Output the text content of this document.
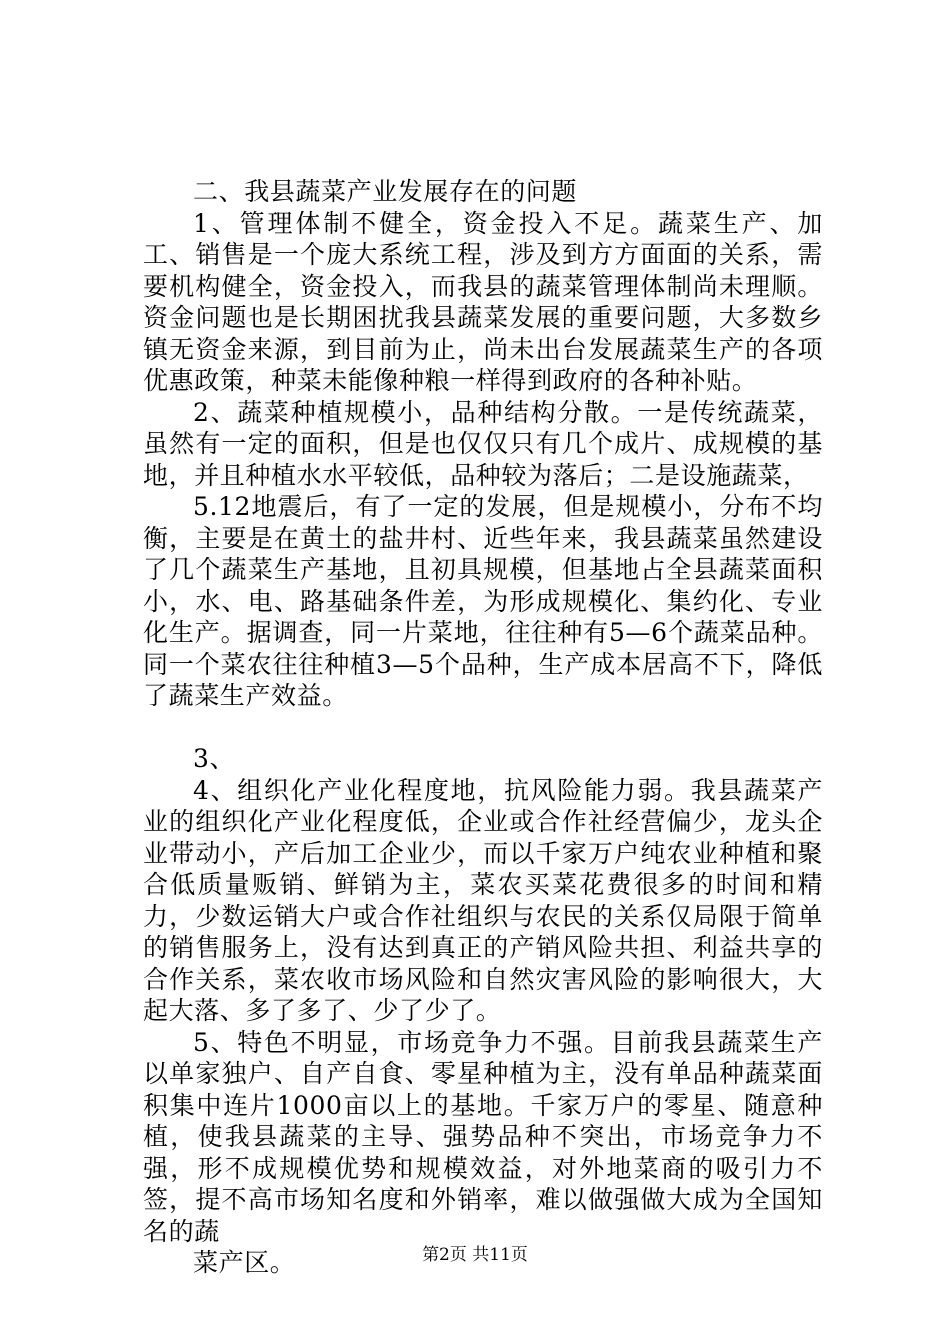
二、我县蔬菜产业发展存在的问题

1、管理体制不健全，资金投入不足。蔬菜生产、加工、销售是一个庞大系统工程，涉及到方方面面的关系，需要机构健全，资金投入，而我县的蔬菜管理体制尚未理顺。资金问题也是长期困扰我县蔬菜发展的重要问题，大多数乡镇无资金来源，到目前为止，尚未出台发展蔬菜生产的各项优惠政策，种菜未能像种粮一样得到政府的各种补贴。

2、蔬菜种植规模小，品种结构分散。一是传统蔬菜，虽然有一定的面积，但是也仅仅只有几个成片、成规模的基地，并且种植水水平较低，品种较为落后；二是设施蔬菜，

5.12地震后，有了一定的发展，但是规模小，分布不均衡，主要是在黄土的盐井村、近些年来，我县蔬菜虽然建设了几个蔬菜生产基地，且初具规模，但基地占全县蔬菜面积小，水、电、路基础条件差，为形成规模化、集约化、专业化生产。据调查，同一片菜地，往往种有5—6个蔬菜品种。同一个菜农往往种植3—5个品种，生产成本居高不下，降低了蔬菜生产效益。

3、

4、组织化产业化程度地，抗风险能力弱。我县蔬菜产业的组织化产业化程度低，企业或合作社经营偏少，龙头企业带动小，产后加工企业少，而以千家万户纯农业种植和聚合低质量贩销、鲜销为主，菜农买菜花费很多的时间和精力，少数运销大户或合作社组织与农民的关系仅局限于简单的销售服务上，没有达到真正的产销风险共担、利益共享的合作关系，菜农收市场风险和自然灾害风险的影响很大，大起大落、多了多了、少了少了。

5、特色不明显，市场竞争力不强。目前我县蔬菜生产以单家独户、自产自食、零星种植为主，没有单品种蔬菜面积集中连片1000亩以上的基地。千家万户的零星、随意种植，使我县蔬菜的主导、强势品种不突出，市场竞争力不强，形不成规模优势和规模效益，对外地菜商的吸引力不签，提不高市场知名度和外销率，难以做强做大成为全国知名的蔬

菜产区。	第2页 共11页
